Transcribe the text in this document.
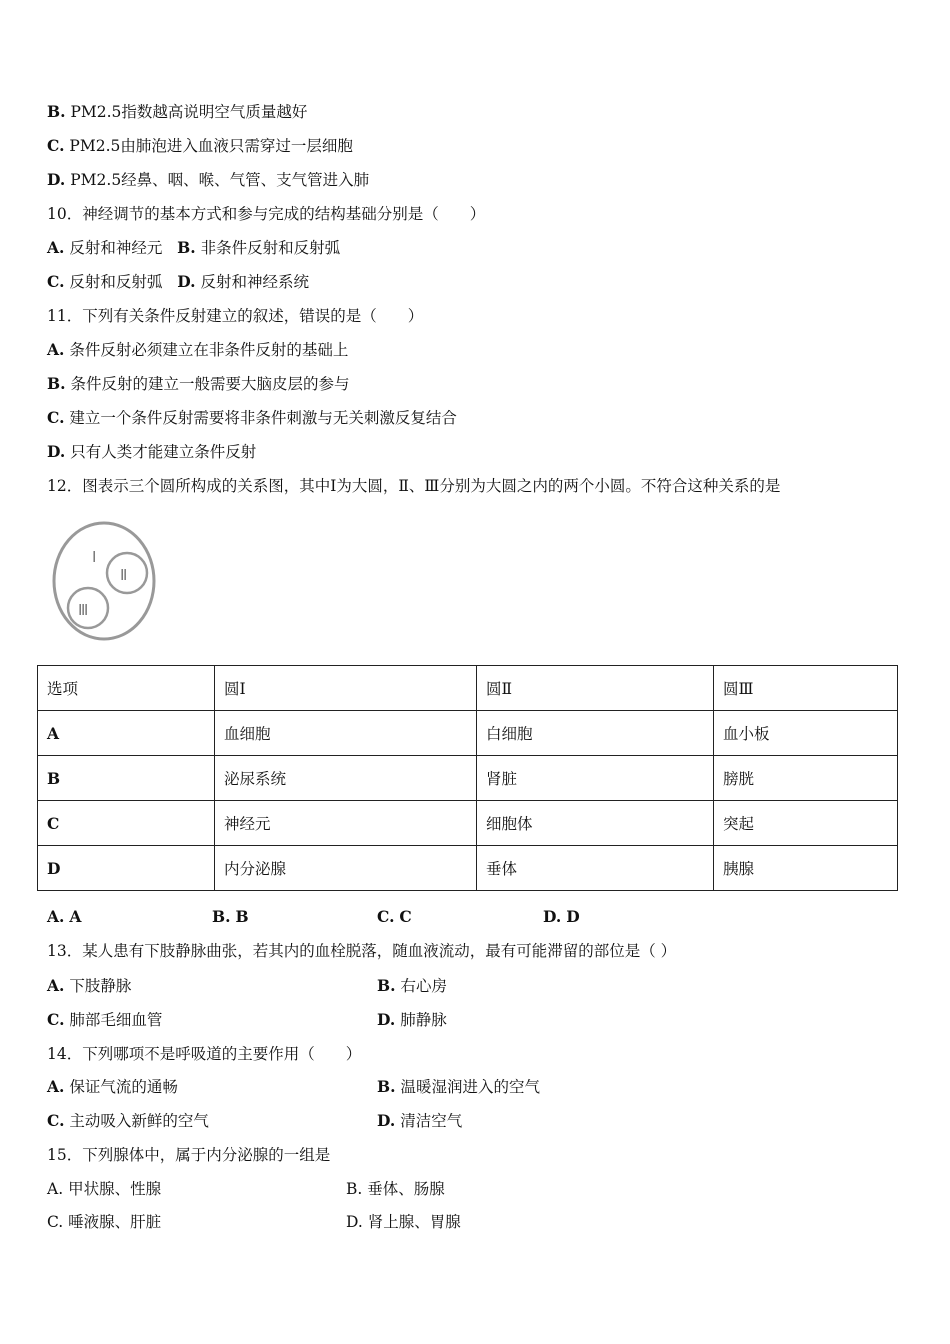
B. PM2.5指数越高说明空气质量越好
C. PM2.5由肺泡进入血液只需穿过一层细胞
D. PM2.5经鼻、咽、喉、气管、支气管进入肺
10．神经调节的基本方式和参与完成的结构基础分别是（　　）
A. 反射和神经元 B. 非条件反射和反射弧
C. 反射和反射弧 D. 反射和神经系统
11．下列有关条件反射建立的叙述，错误的是（　　）
A. 条件反射必须建立在非条件反射的基础上
B. 条件反射的建立一般需要大脑皮层的参与
C. 建立一个条件反射需要将非条件刺激与无关刺激反复结合
D. 只有人类才能建立条件反射
12．图表示三个圆所构成的关系图，其中Ⅰ为大圆，Ⅱ、Ⅲ分别为大圆之内的两个小圆。不符合这种关系的是
Ⅰ
Ⅱ
Ⅲ
选项	圆Ⅰ	圆Ⅱ	圆Ⅲ
A	血细胞	白细胞	血小板
B	泌尿系统	肾脏	膀胱
C	神经元	细胞体	突起
D	内分泌腺	垂体	胰腺
A. A	B. B	C. C	D. D
13．某人患有下肢静脉曲张，若其内的血栓脱落，随血液流动，最有可能滞留的部位是（ ）
A. 下肢静脉	B. 右心房
C. 肺部毛细血管	D. 肺静脉
14．下列哪项不是呼吸道的主要作用（　　）
A. 保证气流的通畅	B. 温暖湿润进入的空气
C. 主动吸入新鲜的空气	D. 清洁空气
15．下列腺体中，属于内分泌腺的一组是
A. 甲状腺、性腺	B. 垂体、肠腺
C. 唾液腺、肝脏	D. 肾上腺、胃腺
